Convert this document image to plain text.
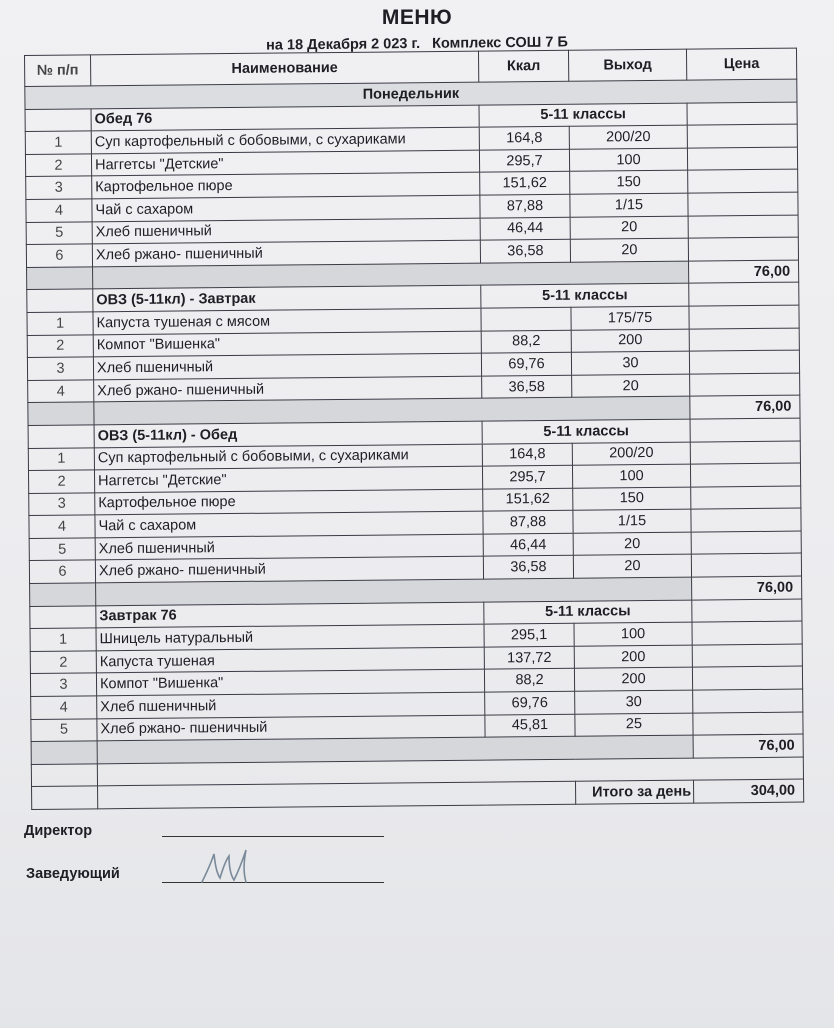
МЕНЮ
на 18 Декабря 2 023 г. Комплекс СОШ 7 Б
№ п/п	Наименование	Ккал	Выход	Цена
Понедельник				
	Обед 76	5-11 классы		
1	Суп картофельный с бобовыми, с сухариками	164,8	200/20	
2	Наггетсы "Детские"	295,7	100	
3	Картофельное пюре	151,62	150	
4	Чай с сахаром	87,88	1/15	
5	Хлеб пшеничный	46,44	20	
6	Хлеб ржано- пшеничный	36,58	20	
				76,00
	ОВЗ (5-11кл) - Завтрак	5-11 классы		
1	Капуста тушеная с мясом		175/75	
2	Компот "Вишенка"	88,2	200	
3	Хлеб пшеничный	69,76	30	
4	Хлеб ржано- пшеничный	36,58	20	
				76,00
	ОВЗ (5-11кл) - Обед	5-11 классы		
1	Суп картофельный с бобовыми, с сухариками	164,8	200/20	
2	Наггетсы "Детские"	295,7	100	
3	Картофельное пюре	151,62	150	
4	Чай с сахаром	87,88	1/15	
5	Хлеб пшеничный	46,44	20	
6	Хлеб ржано- пшеничный	36,58	20	
				76,00
	Завтрак 76	5-11 классы		
1	Шницель натуральный	295,1	100	
2	Капуста тушеная	137,72	200	
3	Компот "Вишенка"	88,2	200	
4	Хлеб пшеничный	69,76	30	
5	Хлеб ржано- пшеничный	45,81	25	
				76,00

			Итого за день	304,00
Директор
Заведующий
